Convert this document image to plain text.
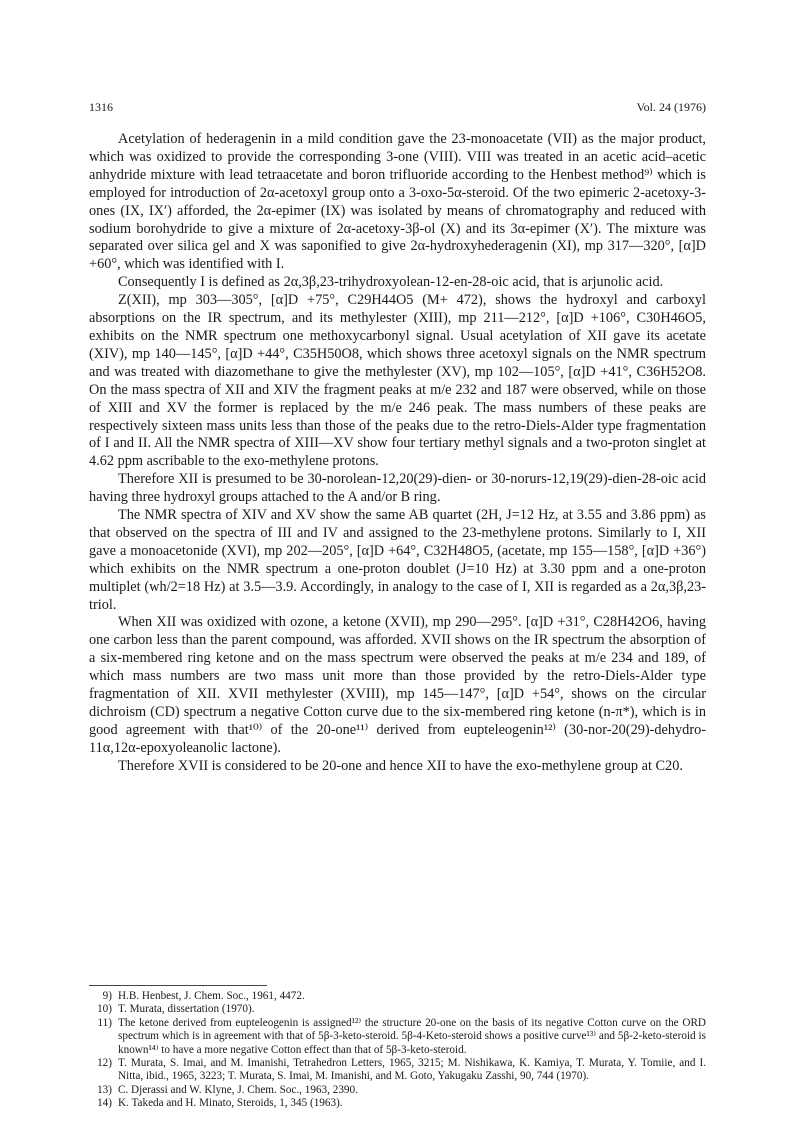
1316	Vol. 24 (1976)

Acetylation of hederagenin in a mild condition gave the 23-monoacetate (VII) as the major product, which was oxidized to provide the corresponding 3-one (VIII). VIII was treated in an acetic acid–acetic anhydride mixture with lead tetraacetate and boron trifluoride according to the Henbest method⁹⁾ which is employed for introduction of 2α-acetoxyl group onto a 3-oxo-5α-steroid. Of the two epimeric 2-acetoxy-3-ones (IX, IX′) afforded, the 2α-epimer (IX) was isolated by means of chromatography and reduced with sodium borohydride to give a mixture of 2α-acetoxy-3β-ol (X) and its 3α-epimer (X′). The mixture was separated over silica gel and X was saponified to give 2α-hydroxyhederagenin (XI), mp 317—320°, [α]D +60°, which was identified with I.

Consequently I is defined as 2α,3β,23-trihydroxyolean-12-en-28-oic acid, that is arjunolic acid.

Z(XII), mp 303—305°, [α]D +75°, C29H44O5 (M+ 472), shows the hydroxyl and carboxyl absorptions on the IR spectrum, and its methylester (XIII), mp 211—212°, [α]D +106°, C30H46O5, exhibits on the NMR spectrum one methoxycarbonyl signal. Usual acetylation of XII gave its acetate (XIV), mp 140—145°, [α]D +44°, C35H50O8, which shows three acetoxyl signals on the NMR spectrum and was treated with diazomethane to give the methylester (XV), mp 102—105°, [α]D +41°, C36H52O8. On the mass spectra of XII and XIV the fragment peaks at m/e 232 and 187 were observed, while on those of XIII and XV the former is replaced by the m/e 246 peak. The mass numbers of these peaks are respectively sixteen mass units less than those of the peaks due to the retro-Diels-Alder type fragmentation of I and II. All the NMR spectra of XIII—XV show four tertiary methyl signals and a two-proton singlet at 4.62 ppm ascribable to the exo-methylene protons.

Therefore XII is presumed to be 30-norolean-12,20(29)-dien- or 30-norurs-12,19(29)-dien-28-oic acid having three hydroxyl groups attached to the A and/or B ring.

The NMR spectra of XIV and XV show the same AB quartet (2H, J=12 Hz, at 3.55 and 3.86 ppm) as that observed on the spectra of III and IV and assigned to the 23-methylene protons. Similarly to I, XII gave a monoacetonide (XVI), mp 202—205°, [α]D +64°, C32H48O5, (acetate, mp 155—158°, [α]D +36°) which exhibits on the NMR spectrum a one-proton doublet (J=10 Hz) at 3.30 ppm and a one-proton multiplet (wh/2=18 Hz) at 3.5—3.9. Accordingly, in analogy to the case of I, XII is regarded as a 2α,3β,23-triol.

When XII was oxidized with ozone, a ketone (XVII), mp 290—295°. [α]D +31°, C28H42O6, having one carbon less than the parent compound, was afforded. XVII shows on the IR spectrum the absorption of a six-membered ring ketone and on the mass spectrum were observed the peaks at m/e 234 and 189, of which mass numbers are two mass unit more than those provided by the retro-Diels-Alder type fragmentation of XII. XVII methylester (XVIII), mp 145—147°, [α]D +54°, shows on the circular dichroism (CD) spectrum a negative Cotton curve due to the six-membered ring ketone (n-π*), which is in good agreement with that¹⁰⁾ of the 20-one¹¹⁾ derived from eupteleogenin¹²⁾ (30-nor-20(29)-dehydro-11α,12α-epoxyoleanolic lactone).

Therefore XVII is considered to be 20-one and hence XII to have the exo-methylene group at C20.

9) H.B. Henbest, J. Chem. Soc., 1961, 4472.
10) T. Murata, dissertation (1970).
11) The ketone derived from eupteleogenin is assigned¹²⁾ the structure 20-one on the basis of its negative Cotton curve on the ORD spectrum which is in agreement with that of 5β-3-keto-steroid. 5β-4-Keto-steroid shows a positive curve¹³⁾ and 5β-2-keto-steroid is known¹⁴⁾ to have a more negative Cotton effect than that of 5β-3-keto-steroid.
12) T. Murata, S. Imai, and M. Imanishi, Tetrahedron Letters, 1965, 3215; M. Nishikawa, K. Kamiya, T. Murata, Y. Tomiie, and I. Nitta, ibid., 1965, 3223; T. Murata, S. Imai, M. Imanishi, and M. Goto, Yakugaku Zasshi, 90, 744 (1970).
13) C. Djerassi and W. Klyne, J. Chem. Soc., 1963, 2390.
14) K. Takeda and H. Minato, Steroids, 1, 345 (1963).
